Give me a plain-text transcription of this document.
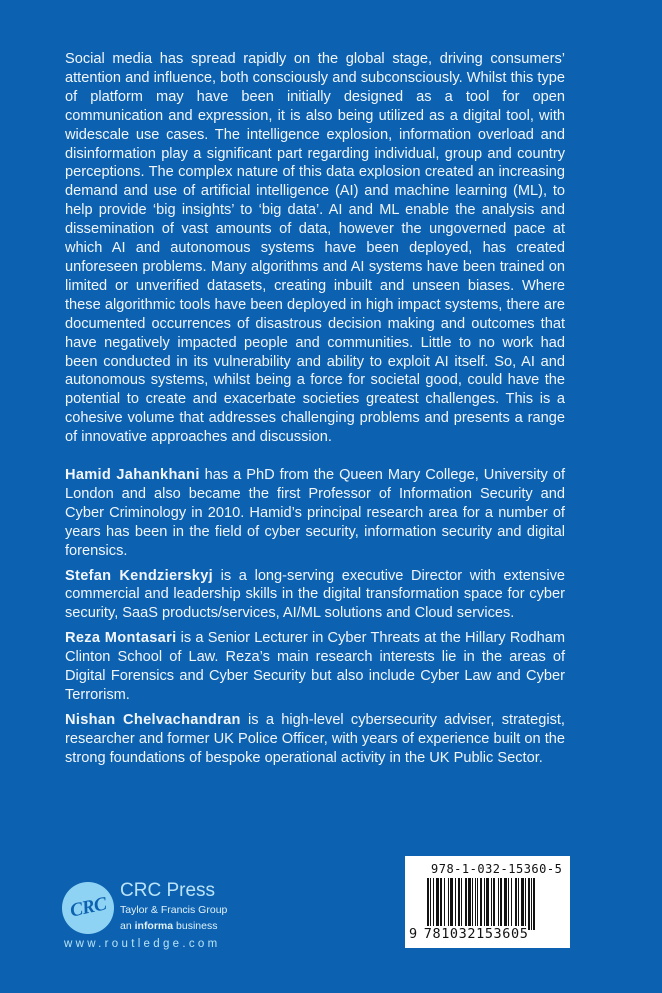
Social media has spread rapidly on the global stage, driving consumers’ attention and influence, both consciously and subconsciously. Whilst this type of platform may have been initially designed as a tool for open communication and expression, it is also being utilized as a digital tool, with widescale use cases. The intelligence explosion, information overload and disinformation play a significant part regarding individual, group and country perceptions. The complex nature of this data explosion created an increasing demand and use of artificial intelligence (AI) and machine learning (ML), to help provide ‘big insights’ to ‘big data’. AI and ML enable the analysis and dissemination of vast amounts of data, however the ungoverned pace at which AI and autonomous systems have been deployed, has created unforeseen problems. Many algorithms and AI systems have been trained on limited or unverified datasets, creating inbuilt and unseen biases. Where these algorithmic tools have been deployed in high impact systems, there are documented occurrences of disastrous decision making and outcomes that have negatively impacted people and communities. Little to no work had been conducted in its vulnerability and ability to exploit AI itself. So, AI and autonomous systems, whilst being a force for societal good, could have the potential to create and exacerbate societies greatest challenges. This is a cohesive volume that addresses challenging problems and presents a range of innovative approaches and discussion.

Hamid Jahankhani has a PhD from the Queen Mary College, University of London and also became the first Professor of Information Security and Cyber Criminology in 2010. Hamid’s principal research area for a number of years has been in the field of cyber security, information security and digital forensics.

Stefan Kendzierskyj is a long-serving executive Director with extensive commercial and leadership skills in the digital transformation space for cyber security, SaaS products/services, AI/ML solutions and Cloud services.

Reza Montasari is a Senior Lecturer in Cyber Threats at the Hillary Rodham Clinton School of Law. Reza’s main research interests lie in the areas of Digital Forensics and Cyber Security but also include Cyber Law and Cyber Terrorism.

Nishan Chelvachandran is a high-level cybersecurity adviser, strategist, researcher and former UK Police Officer, with years of experience built on the strong foundations of bespoke operational activity in the UK Public Sector.

CRC
CRC Press
Taylor & Francis Group
an informa business
www.routledge.com
978-1-032-15360-5
9 781032153605
